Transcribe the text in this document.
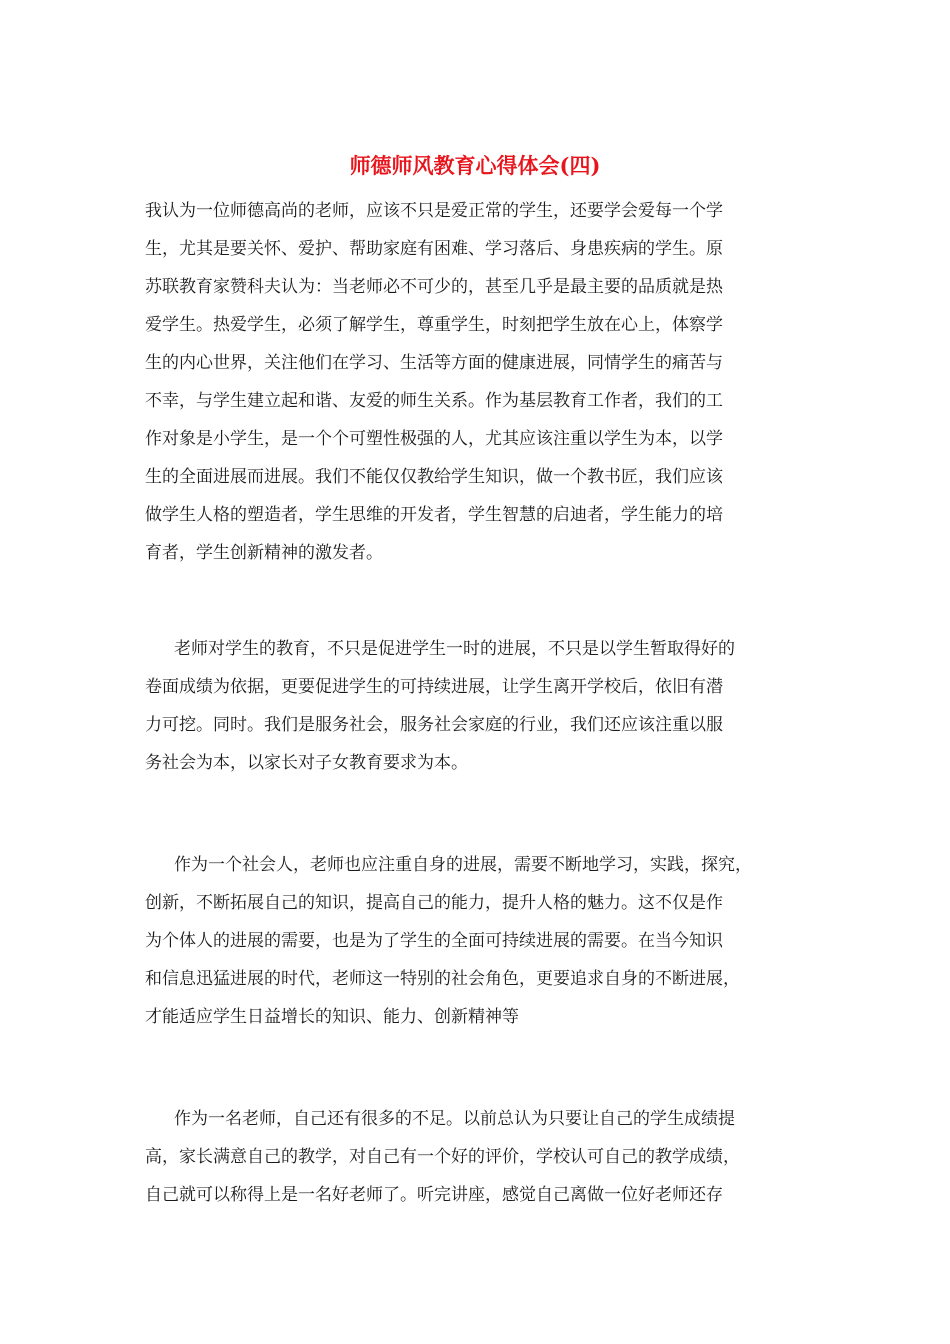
师德师风教育心得体会(四)
我认为一位师德高尚的老师，应该不只是爱正常的学生，还要学会爱每一个学
生，尤其是要关怀、爱护、帮助家庭有困难、学习落后、身患疾病的学生。原
苏联教育家赞科夫认为：当老师必不可少的，甚至几乎是最主要的品质就是热
爱学生。热爱学生，必须了解学生，尊重学生，时刻把学生放在心上，体察学
生的内心世界，关注他们在学习、生活等方面的健康进展，同情学生的痛苦与
不幸，与学生建立起和谐、友爱的师生关系。作为基层教育工作者，我们的工
作对象是小学生，是一个个可塑性极强的人，尤其应该注重以学生为本，以学
生的全面进展而进展。我们不能仅仅教给学生知识，做一个教书匠，我们应该
做学生人格的塑造者，学生思维的开发者，学生智慧的启迪者，学生能力的培
育者，学生创新精神的激发者。
老师对学生的教育，不只是促进学生一时的进展，不只是以学生暂取得好的
卷面成绩为依据，更要促进学生的可持续进展，让学生离开学校后，依旧有潜
力可挖。同时。我们是服务社会，服务社会家庭的行业，我们还应该注重以服
务社会为本，以家长对子女教育要求为本。
作为一个社会人，老师也应注重自身的进展，需要不断地学习，实践，探究，
创新，不断拓展自己的知识，提高自己的能力，提升人格的魅力。这不仅是作
为个体人的进展的需要，也是为了学生的全面可持续进展的需要。在当今知识
和信息迅猛进展的时代，老师这一特别的社会角色，更要追求自身的不断进展，
才能适应学生日益增长的知识、能力、创新精神等
作为一名老师，自己还有很多的不足。以前总认为只要让自己的学生成绩提
高，家长满意自己的教学，对自己有一个好的评价，学校认可自己的教学成绩，
自己就可以称得上是一名好老师了。听完讲座，感觉自己离做一位好老师还存
